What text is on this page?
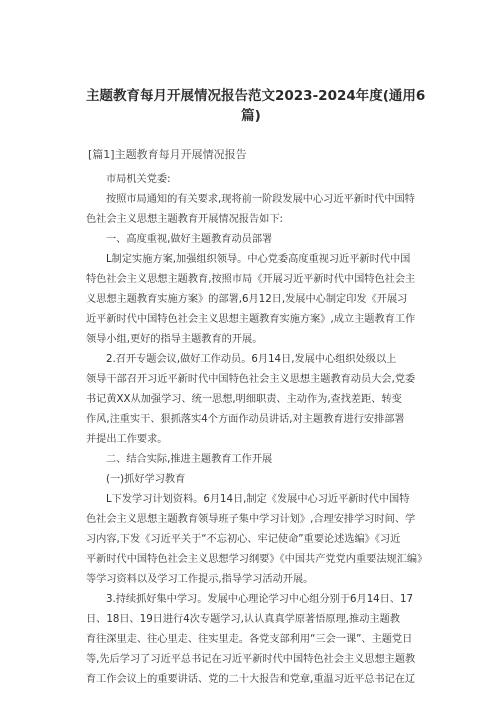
主题教育每月开展情况报告范文2023-2024年度(通用6
篇)
[篇1]主题教育每月开展情况报告
市局机关党委:
按照市局通知的有关要求,现将前一阶段发展中心习近平新时代中国特
色社会主义思想主题教育开展情况报告如下:
一、高度重视,做好主题教育动员部署
L制定实施方案,加强组织领导。中心党委高度重视习近平新时代中国
特色社会主义思想主题教育,按照市局《开展习近平新时代中国特色社会主
义思想主题教育实施方案》的部署,6月12日,发展中心制定印发《开展习
近平新时代中国特色社会主义思想主题教育实施方案》,成立主题教育工作
领导小组,更好的指导主题教育的开展。
2.召开专题会议,做好工作动员。6月14日,发展中心组织处级以上
领导干部召开习近平新时代中国特色社会主义思想主题教育动员大会,党委
书记黄XX从加强学习、统一思想,明细职责、主动作为,查找差距、转变
作风,注重实干、狠抓落实4个方面作动员讲话,对主题教育进行安排部署
并提出工作要求。
二、结合实际,推进主题教育工作开展
(一)抓好学习教育
L下发学习计划资料。6月14日,制定《发展中心习近平新时代中国特
色社会主义思想主题教育领导班子集中学习计划》,合理安排学习时间、学
习内容,下发《习近平关于“不忘初心、牢记使命”重要论述选编》《习近
平新时代中国特色社会主义思想学习纲要》《中国共产党党内重要法规汇编》
等学习资料以及学习工作提示,指导学习活动开展。
3.持续抓好集中学习。发展中心理论学习中心组分别于6月14日、17
日、18日、19日进行4次专题学习,认认真真学原著悟原理,推动主题教
育往深里走、往心里走、往实里走。各党支部利用“三会一课”、主题党日
等,先后学习了习近平总书记在习近平新时代中国特色社会主义思想主题教
育工作会议上的重要讲话、党的二十大报告和党章,重温习近平总书记在辽
